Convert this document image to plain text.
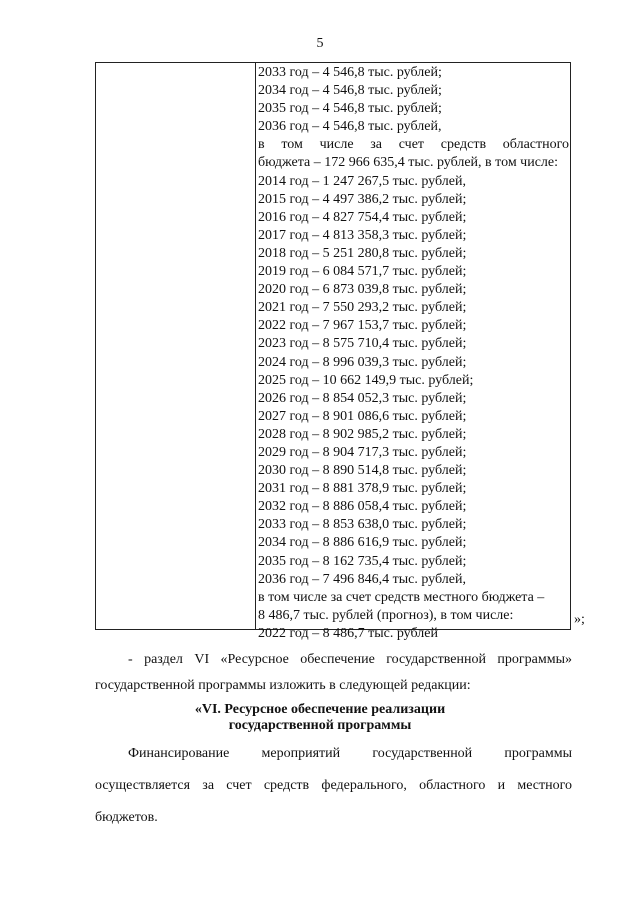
5
2033 год – 4 546,8 тыс. рублей;
2034 год – 4 546,8 тыс. рублей;
2035 год – 4 546,8 тыс. рублей;
2036 год – 4 546,8 тыс. рублей,
в том числе за счет средств областного
бюджета – 172 966 635,4 тыс. рублей, в том числе:
2014 год – 1 247 267,5 тыс. рублей,
2015 год – 4 497 386,2 тыс. рублей;
2016 год – 4 827 754,4 тыс. рублей;
2017 год – 4 813 358,3 тыс. рублей;
2018 год – 5 251 280,8 тыс. рублей;
2019 год – 6 084 571,7 тыс. рублей;
2020 год – 6 873 039,8 тыс. рублей;
2021 год – 7 550 293,2 тыс. рублей;
2022 год – 7 967 153,7 тыс. рублей;
2023 год – 8 575 710,4 тыс. рублей;
2024 год – 8 996 039,3 тыс. рублей;
2025 год – 10 662 149,9 тыс. рублей;
2026 год – 8 854 052,3 тыс. рублей;
2027 год – 8 901 086,6 тыс. рублей;
2028 год – 8 902 985,2 тыс. рублей;
2029 год – 8 904 717,3 тыс. рублей;
2030 год – 8 890 514,8 тыс. рублей;
2031 год – 8 881 378,9 тыс. рублей;
2032 год – 8 886 058,4 тыс. рублей;
2033 год – 8 853 638,0 тыс. рублей;
2034 год – 8 886 616,9 тыс. рублей;
2035 год – 8 162 735,4 тыс. рублей;
2036 год – 7 496 846,4 тыс. рублей,
в том числе за счет средств местного бюджета –
8 486,7 тыс. рублей (прогноз), в том числе:
2022 год – 8 486,7 тыс. рублей
»;
- раздел VI «Ресурсное обеспечение государственной программы»
государственной программы изложить в следующей редакции:
«VI. Ресурсное обеспечение реализации
государственной программы
Финансирование мероприятий государственной программы
осуществляется за счет средств федерального, областного и местного
бюджетов.
